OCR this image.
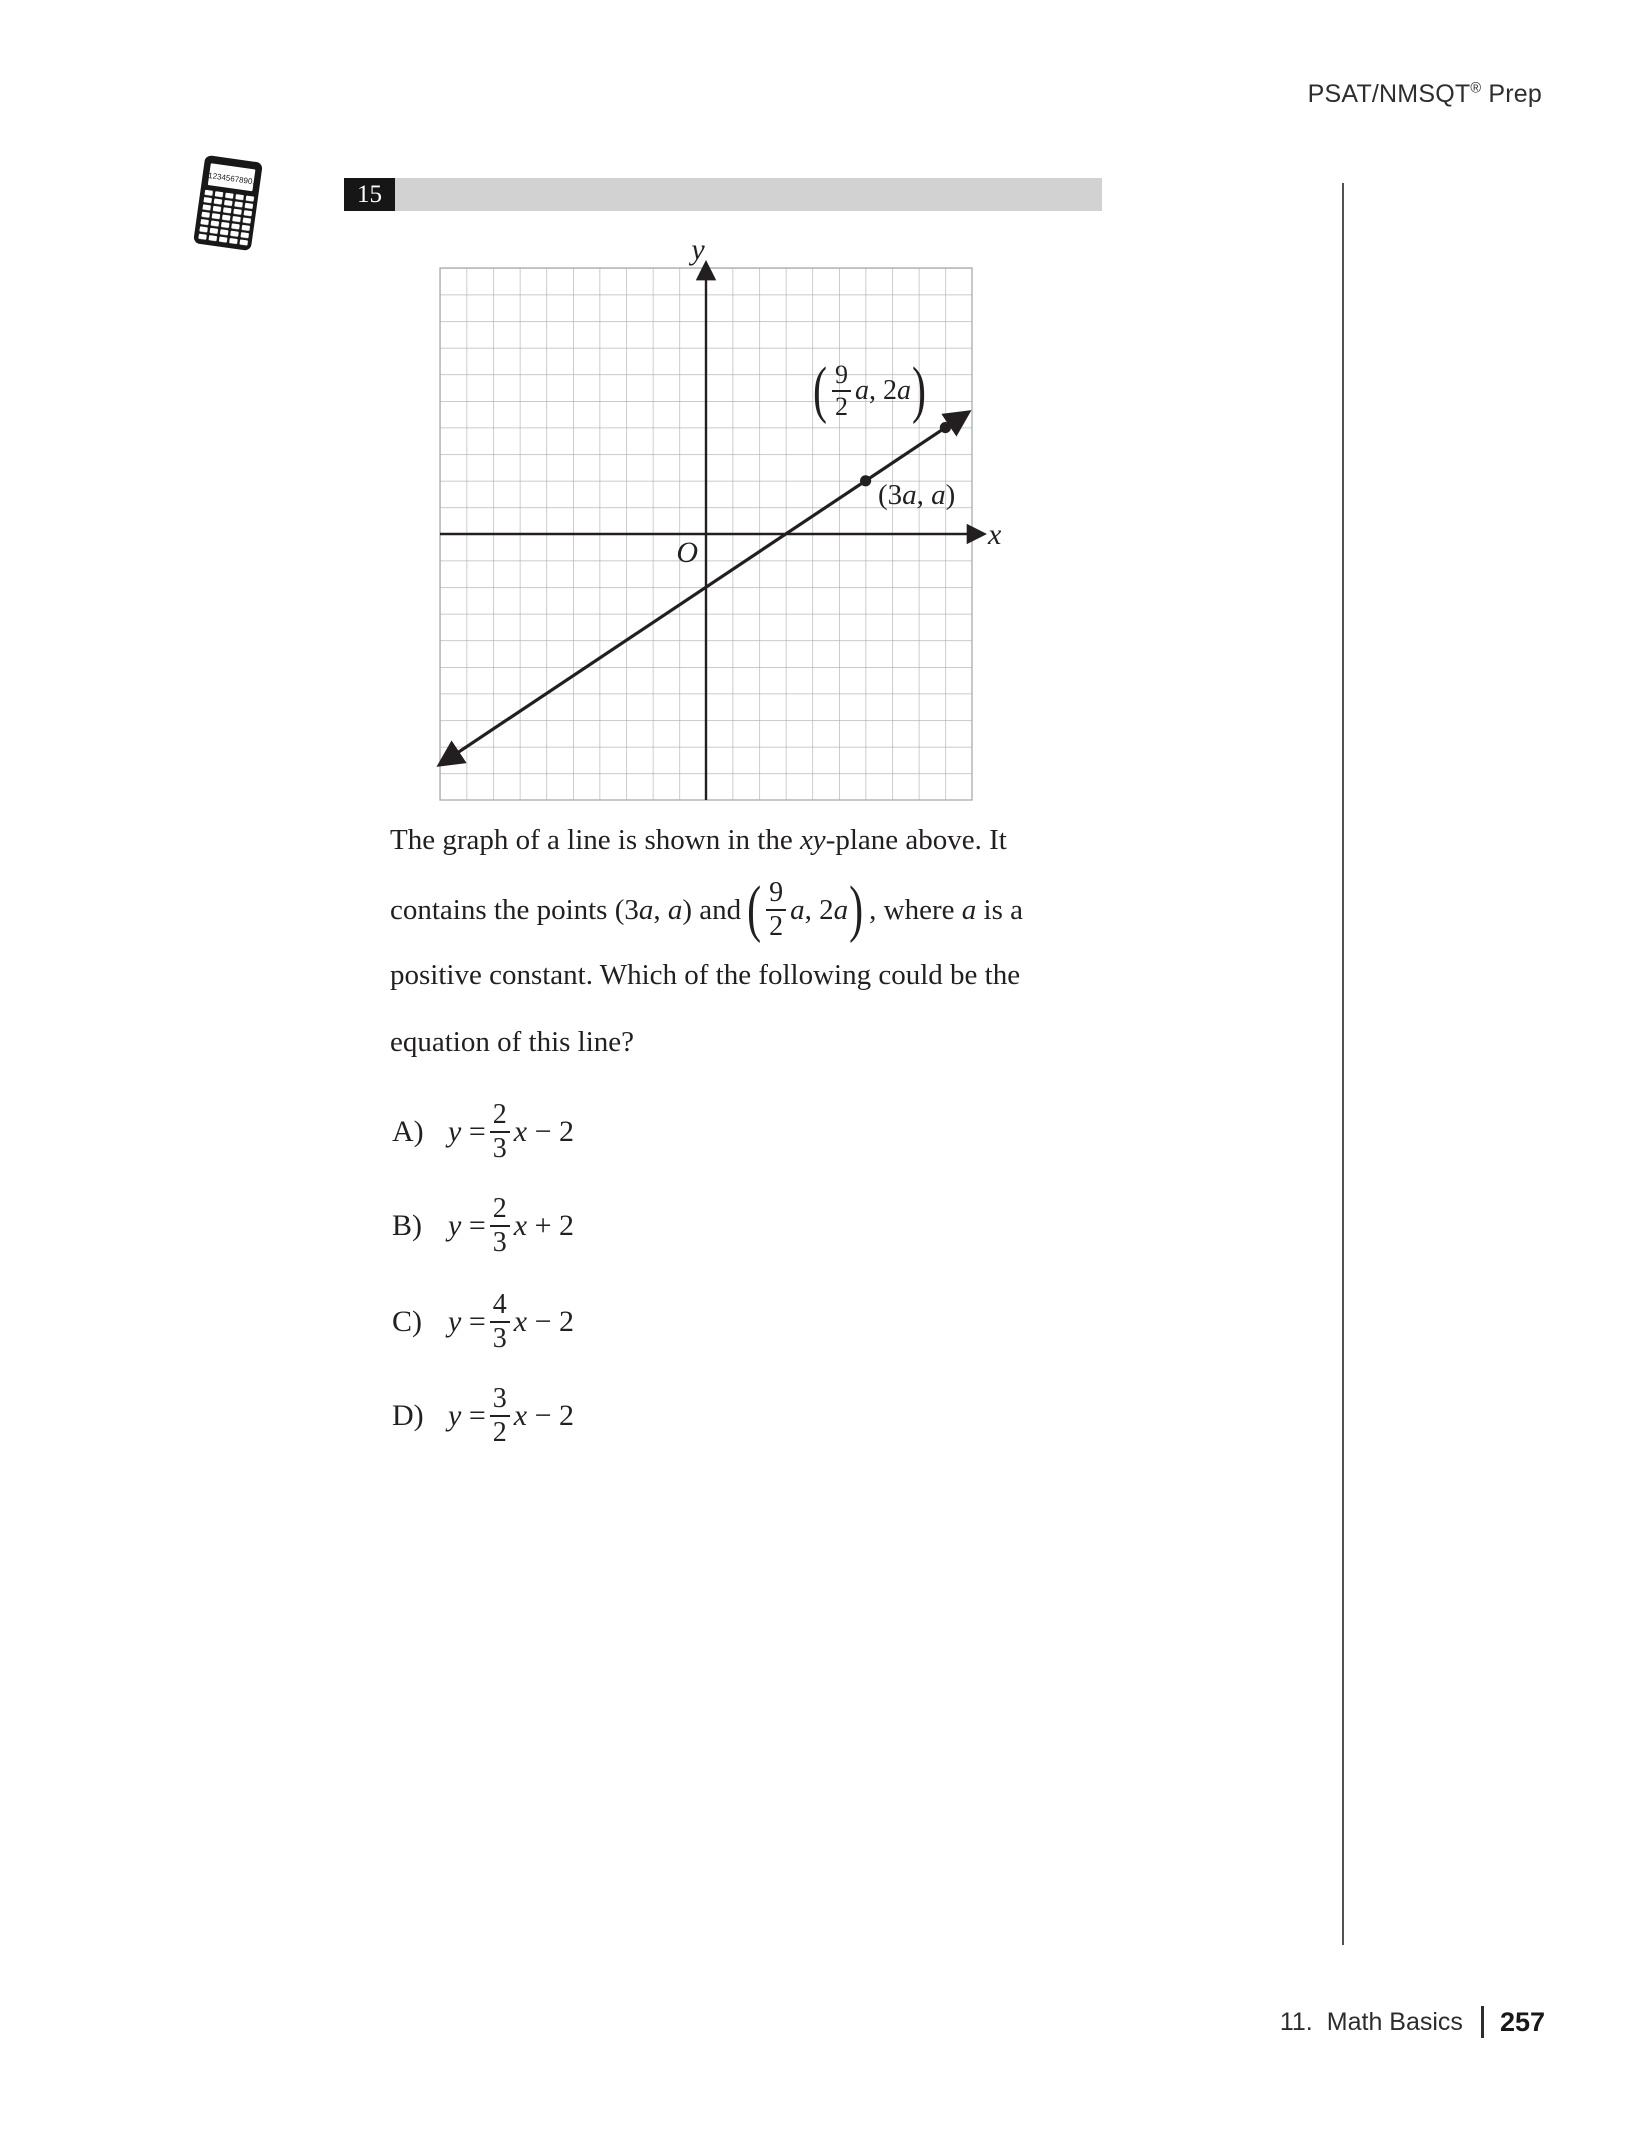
PSAT/NMSQT® Prep
1234567890.
15
y
x
O
( 9
2
a, 2a )
(3a, a)
The graph of a line is shown in the xy-plane above. It
contains the points (3a, a) and ( 9
2
a, 2a ) , where a is a
positive constant. Which of the following could be the
equation of this line?
A) y =
2
3
x − 2
B) y =
2
3
x + 2
C) y =
4
3
x − 2
D) y =
3
2
x − 2
11. Math Basics 257
